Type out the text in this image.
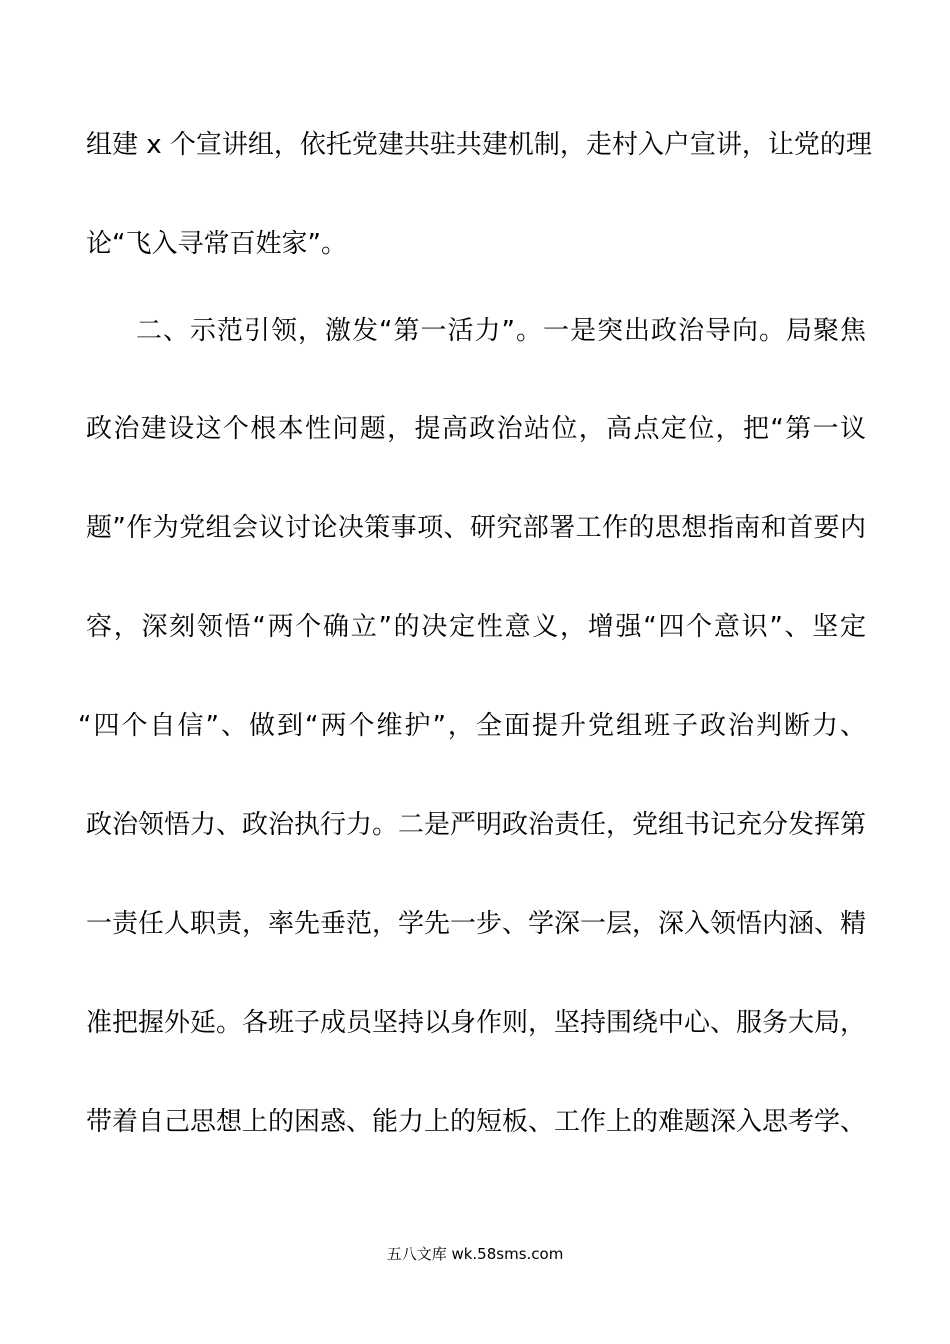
组建 x 个宣讲组，依托党建共驻共建机制，走村入户宣讲，让党的理
论“飞入寻常百姓家”。
二、示范引领，激发“第一活力”。一是突出政治导向。局聚焦
政治建设这个根本性问题，提高政治站位，高点定位，把“第一议
题”作为党组会议讨论决策事项、研究部署工作的思想指南和首要内
容，深刻领悟“两个确立”的决定性意义，增强“四个意识”、坚定
“四个自信”、做到“两个维护”，全面提升党组班子政治判断力、
政治领悟力、政治执行力。二是严明政治责任，党组书记充分发挥第
一责任人职责，率先垂范，学先一步、学深一层，深入领悟内涵、精
准把握外延。各班子成员坚持以身作则，坚持围绕中心、服务大局，
带着自己思想上的困惑、能力上的短板、工作上的难题深入思考学、
五八文库 wk.58sms.com
